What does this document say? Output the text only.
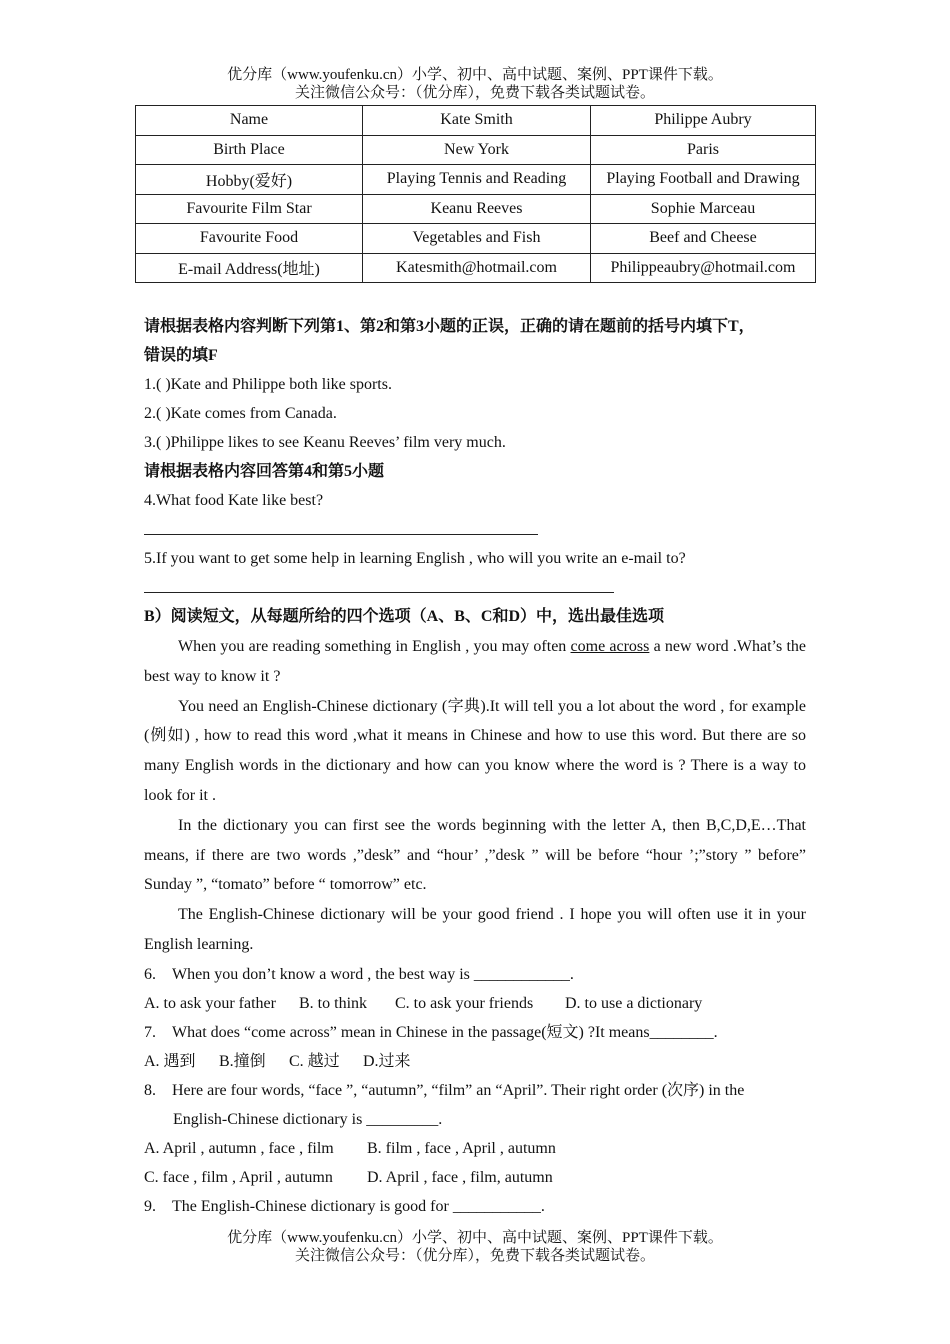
优分库（www.youfenku.cn）小学、初中、高中试题、案例、PPT课件下载。
关注微信公众号：（优分库），免费下载各类试题试卷。
Name	Kate Smith	Philippe Aubry
Birth Place	New York	Paris
Hobby(爱好)	Playing Tennis and Reading	Playing Football and Drawing
Favourite Film Star	Keanu Reeves	Sophie Marceau
Favourite Food	Vegetables and Fish	Beef and Cheese
E-mail Address(地址)	Katesmith@hotmail.com	Philippeaubry@hotmail.com
请根据表格内容判断下列第1、第2和第3小题的正误，正确的请在题前的括号内填下T，
错误的填F
1.( )Kate and Philippe both like sports.
2.( )Kate comes from Canada.
3.( )Philippe likes to see Keanu Reeves’ film very much.
请根据表格内容回答第4和第5小题
4.What food Kate like best?
5.If you want to get some help in learning English , who will you write an e-mail to?
B）阅读短文，从每题所给的四个选项（A、B、C和D）中，选出最佳选项
When you are reading something in English , you may often come across a new word .What’s the best way to know it ?
You need an English-Chinese dictionary (字典).It will tell you a lot about the word , for example (例如) , how to read this word ,what it means in Chinese and how to use this word. But there are so many English words in the dictionary and how can you know where the word is ? There is a way to look for it .
In the dictionary you can first see the words beginning with the letter A, then B,C,D,E…That means, if there are two words ,”desk” and “hour’ ,”desk ” will be before “hour ’;”story ” before” Sunday ”, “tomato” before “ tomorrow” etc.
The English-Chinese dictionary will be your good friend . I hope you will often use it in your English learning.
6. When you don’t know a word , the best way is ____________.
A. to ask your father B. to think C. to ask your friends D. to use a dictionary
7. What does “come across” mean in Chinese in the passage(短文) ?It means________.
A. 遇到 B.撞倒 C. 越过 D.过来
8. Here are four words, “face ”, “autumn”, “film” an “April”. Their right order (次序) in the
English-Chinese dictionary is _________.
A. April , autumn , face , film B. film , face , April , autumn
C. face , film , April , autumn D. April , face , film, autumn
9. The English-Chinese dictionary is good for ___________.
优分库（www.youfenku.cn）小学、初中、高中试题、案例、PPT课件下载。
关注微信公众号：（优分库），免费下载各类试题试卷。
